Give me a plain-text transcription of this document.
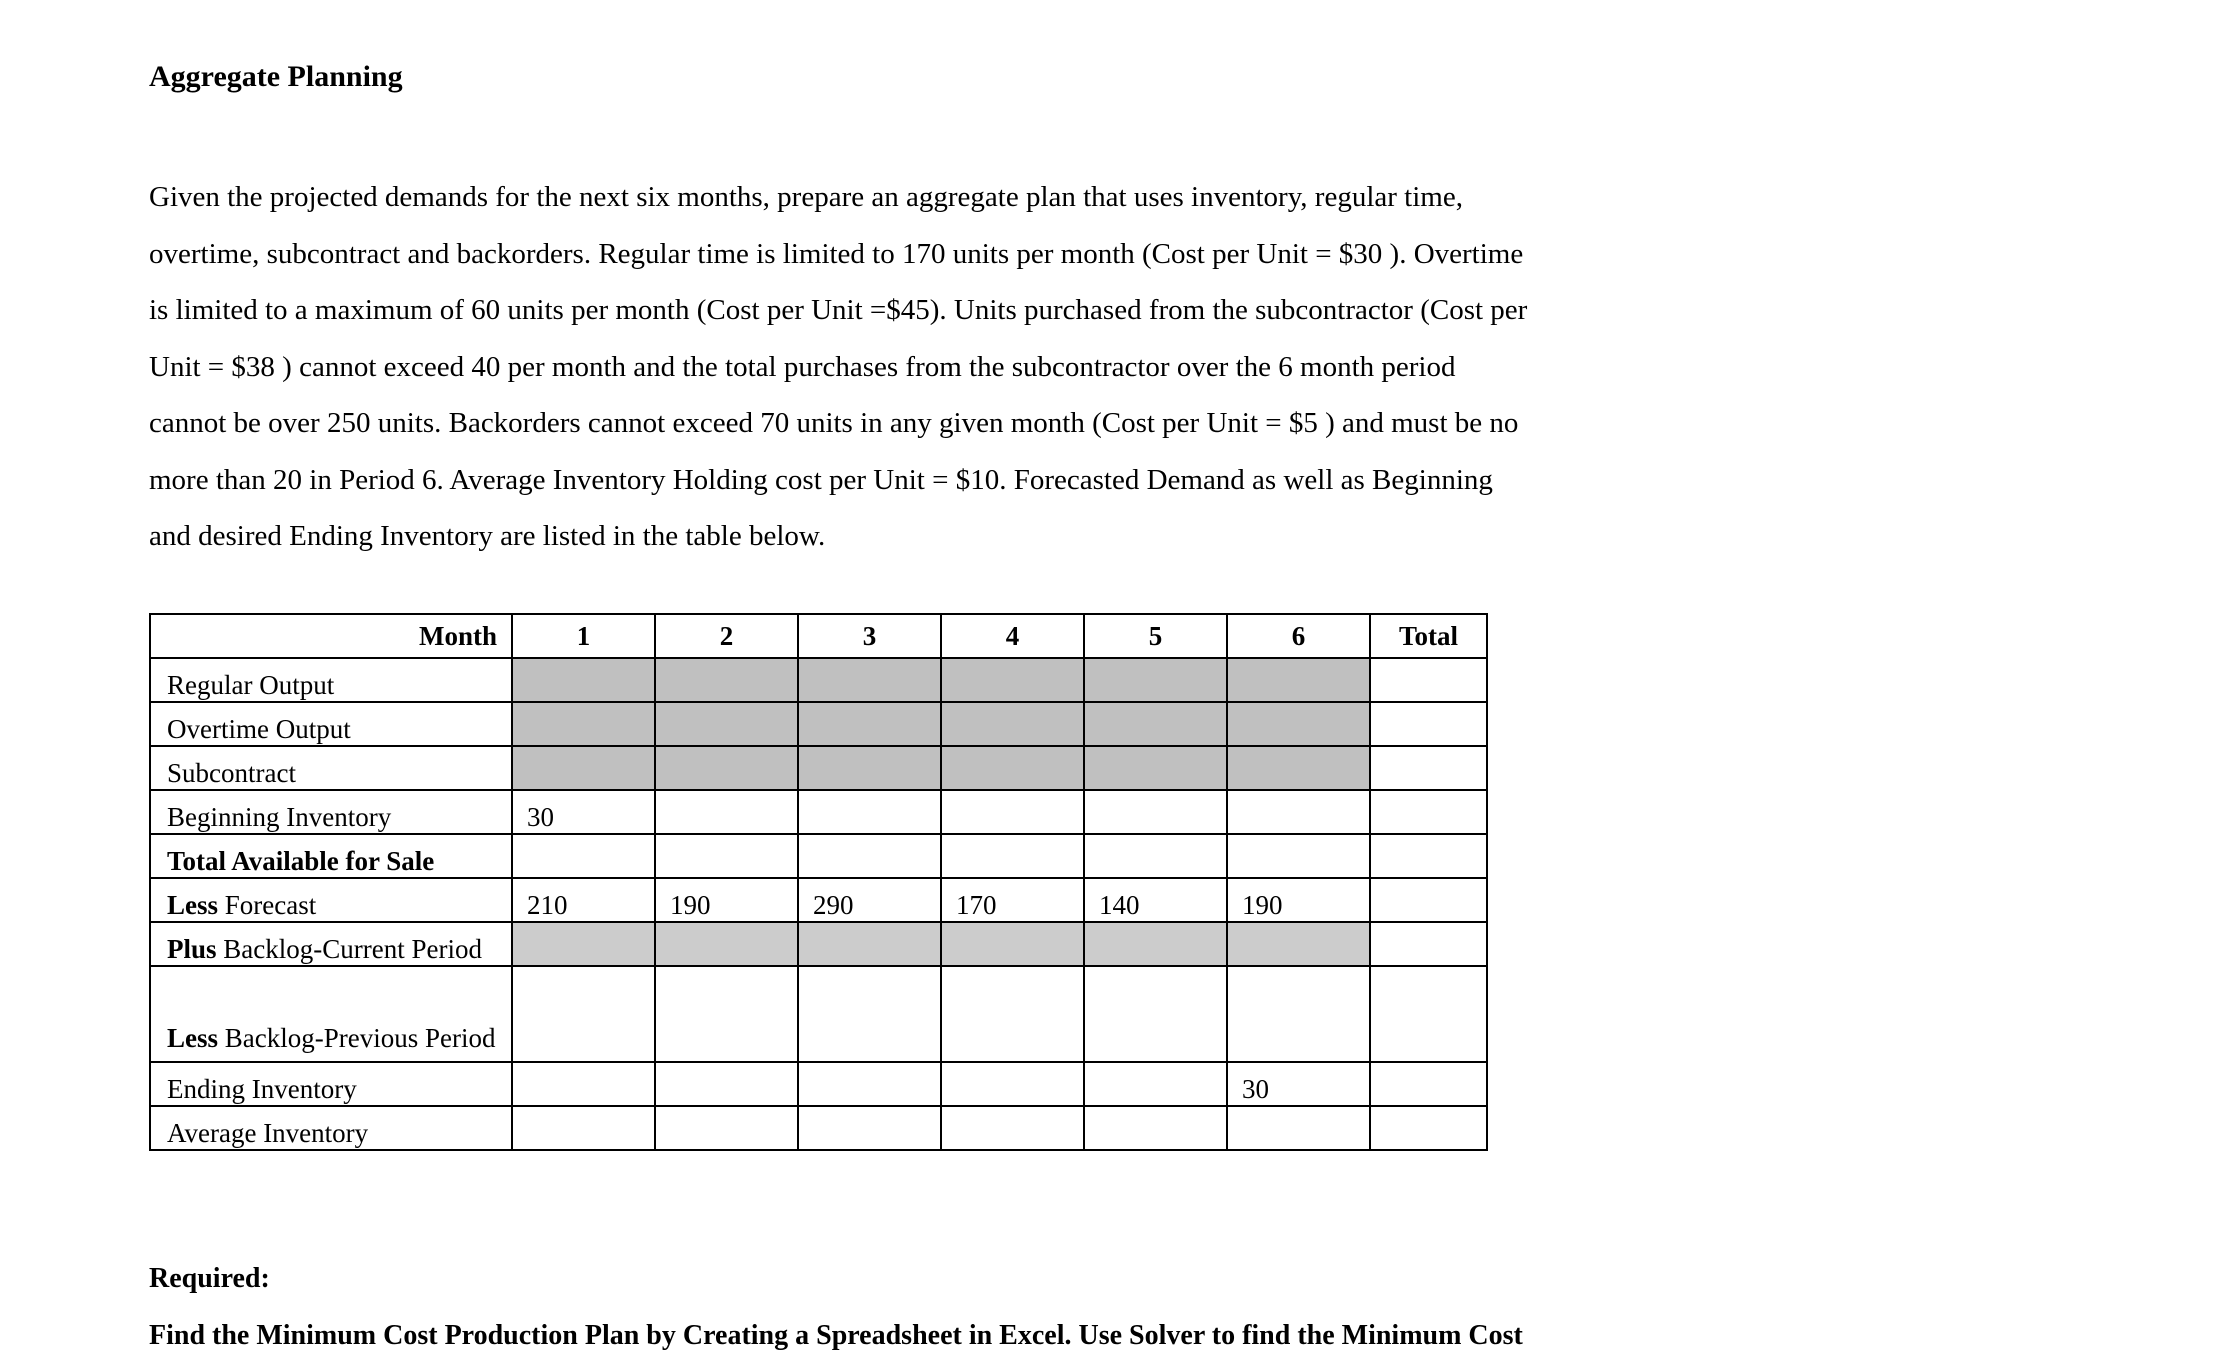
Aggregate Planning
Given the projected demands for the next six months, prepare an aggregate plan that uses inventory, regular time,
overtime, subcontract and backorders. Regular time is limited to 170 units per month (Cost per Unit = $30 ). Overtime
is limited to a maximum of 60 units per month (Cost per Unit =$45). Units purchased from the subcontractor (Cost per
Unit = $38 ) cannot exceed 40 per month and the total purchases from the subcontractor over the 6 month period
cannot be over 250 units. Backorders cannot exceed 70 units in any given month (Cost per Unit = $5 ) and must be no
more than 20 in Period 6. Average Inventory Holding cost per Unit = $10. Forecasted Demand as well as Beginning
and desired Ending Inventory are listed in the table below.
Month	1	2	3	4	5	6	Total
Regular Output							
Overtime Output							
Subcontract							
Beginning Inventory	30						
Total Available for Sale							
Less Forecast	210	190	290	170	140	190	
Plus Backlog-Current Period							

Less Backlog-Previous Period							

Ending Inventory						30	
Average Inventory							
Required:
Find the Minimum Cost Production Plan by Creating a Spreadsheet in Excel. Use Solver to find the Minimum Cost
